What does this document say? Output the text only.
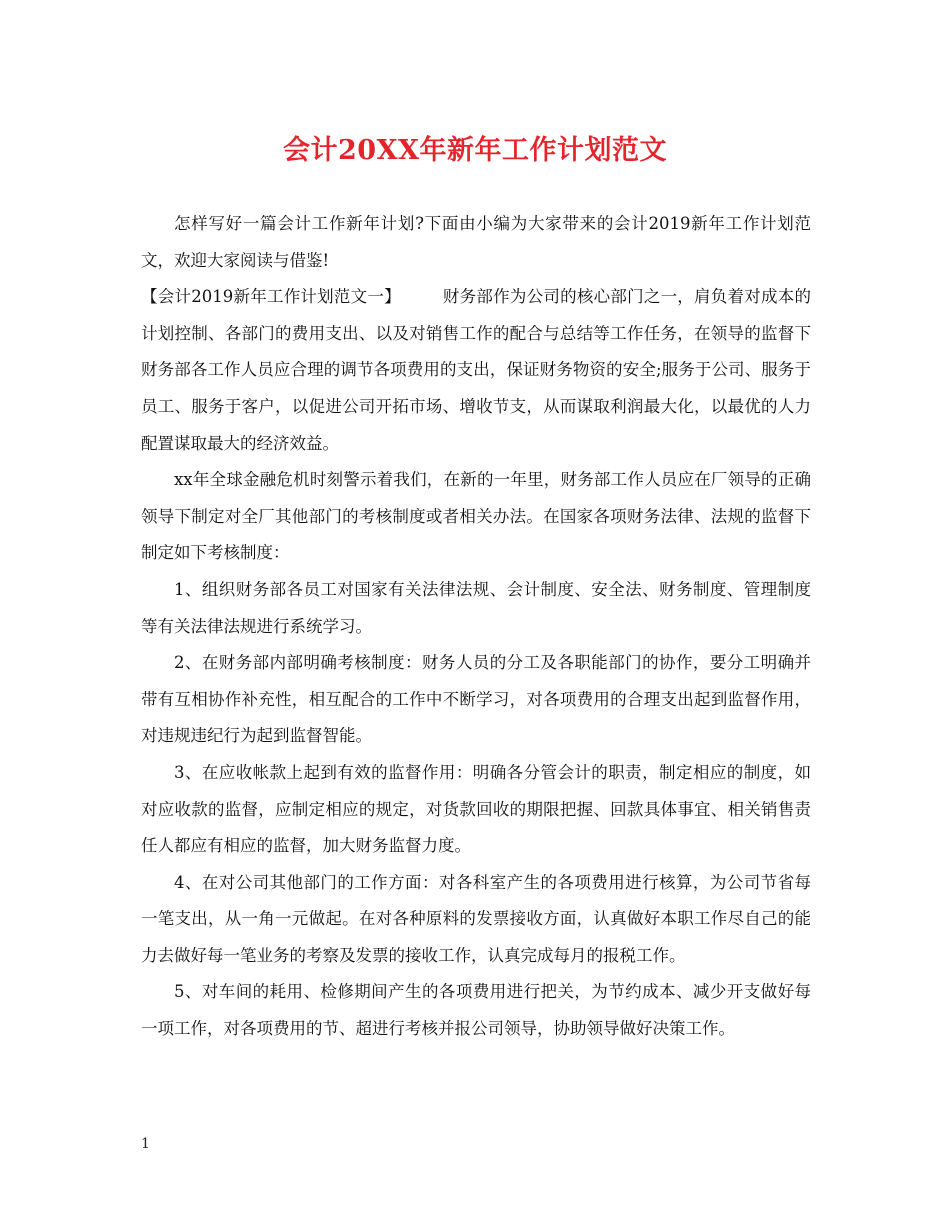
会计20XX年新年工作计划范文

怎样写好一篇会计工作新年计划?下面由小编为大家带来的会计2019新年工作计划范文，欢迎大家阅读与借鉴!

【会计2019新年工作计划范文一】	财务部作为公司的核心部门之一，肩负着对成本的计划控制、各部门的费用支出、以及对销售工作的配合与总结等工作任务，在领导的监督下财务部各工作人员应合理的调节各项费用的支出，保证财务物资的安全;服务于公司、服务于员工、服务于客户，以促进公司开拓市场、增收节支，从而谋取利润最大化，以最优的人力配置谋取最大的经济效益。

xx年全球金融危机时刻警示着我们，在新的一年里，财务部工作人员应在厂领导的正确领导下制定对全厂其他部门的考核制度或者相关办法。在国家各项财务法律、法规的监督下制定如下考核制度：

1、组织财务部各员工对国家有关法律法规、会计制度、安全法、财务制度、管理制度等有关法律法规进行系统学习。

2、在财务部内部明确考核制度：财务人员的分工及各职能部门的协作，要分工明确并带有互相协作补充性，相互配合的工作中不断学习，对各项费用的合理支出起到监督作用，对违规违纪行为起到监督智能。

3、在应收帐款上起到有效的监督作用：明确各分管会计的职责，制定相应的制度，如对应收款的监督，应制定相应的规定，对货款回收的期限把握、回款具体事宜、相关销售责任人都应有相应的监督，加大财务监督力度。

4、在对公司其他部门的工作方面：对各科室产生的各项费用进行核算，为公司节省每一笔支出，从一角一元做起。在对各种原料的发票接收方面，认真做好本职工作尽自己的能力去做好每一笔业务的考察及发票的接收工作，认真完成每月的报税工作。

5、对车间的耗用、检修期间产生的各项费用进行把关，为节约成本、减少开支做好每一项工作，对各项费用的节、超进行考核并报公司领导，协助领导做好决策工作。

1
